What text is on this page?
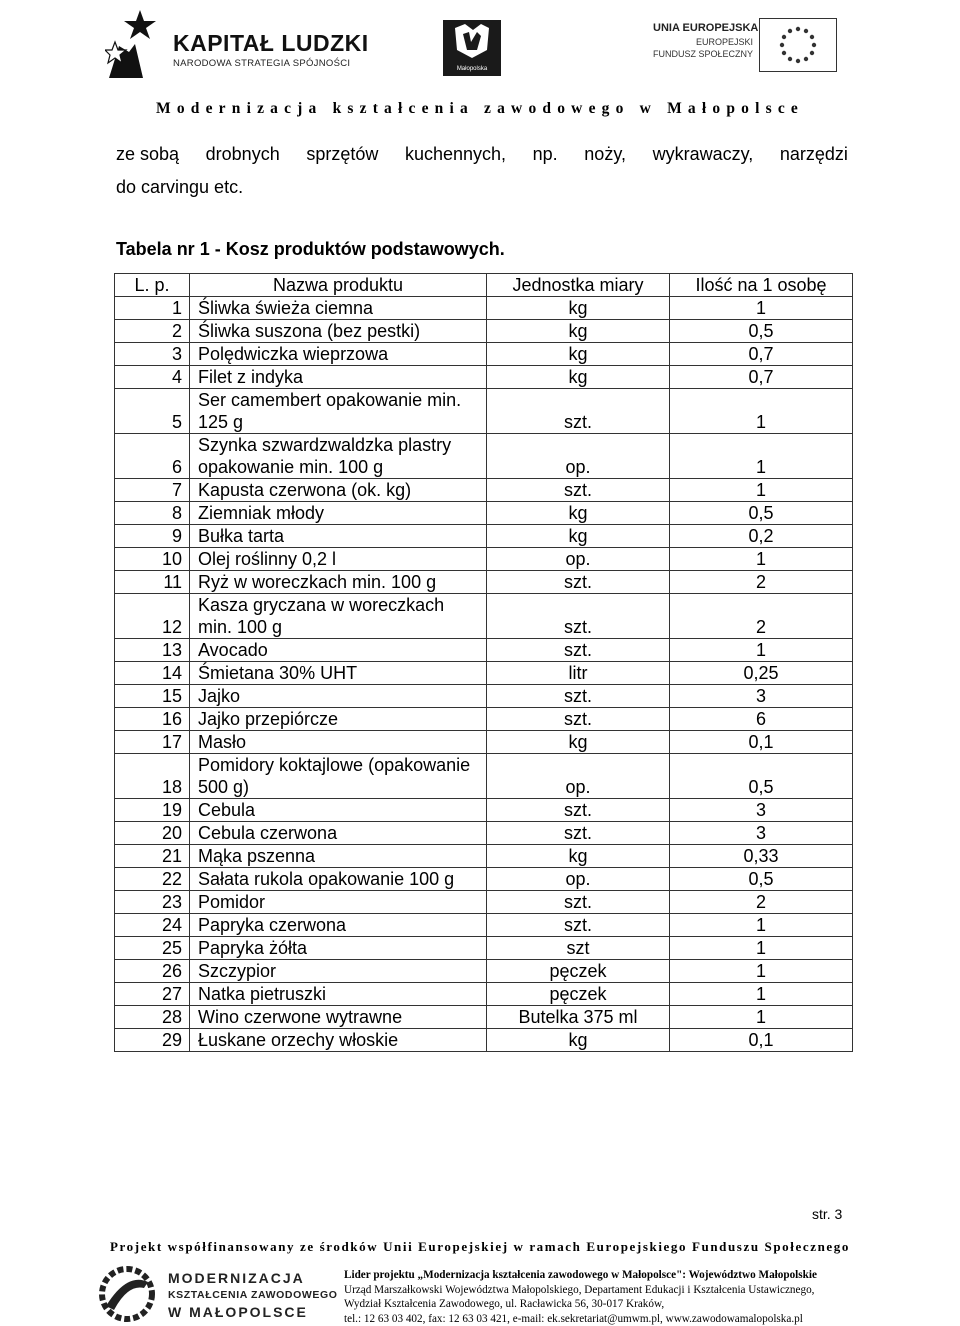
KAPITAŁ LUDZKI
NARODOWA STRATEGIA SPÓJNOŚCI	Małopolska
UNIA EUROPEJSKA
EUROPEJSKI
FUNDUSZ SPOŁECZNY
Modernizacja kształcenia zawodowego w Małopolsce
ze sobą drobnych sprzętów kuchennych, np. noży, wykrawaczy, narzędzi
do carvingu etc.
Tabela nr 1 - Kosz produktów podstawowych.
L. p.	Nazwa produktu	Jednostka miary	Ilość na 1 osobę
1	Śliwka świeża ciemna	kg	1
2	Śliwka suszona (bez pestki)	kg	0,5
3	Polędwiczka wieprzowa	kg	0,7
4	Filet z indyka	kg	0,7
5	Ser camembert opakowanie min. 125 g	szt.	1
6	Szynka szwardzwaldzka plastry opakowanie min. 100 g	op.	1
7	Kapusta czerwona (ok. kg)	szt.	1
8	Ziemniak młody	kg	0,5
9	Bułka tarta	kg	0,2
10	Olej roślinny 0,2 l	op.	1
11	Ryż w woreczkach min. 100 g	szt.	2
12	Kasza gryczana w woreczkach min. 100 g	szt.	2
13	Avocado	szt.	1
14	Śmietana 30% UHT	litr	0,25
15	Jajko	szt.	3
16	Jajko przepiórcze	szt.	6
17	Masło	kg	0,1
18	Pomidory koktajlowe (opakowanie 500 g)	op.	0,5
19	Cebula	szt.	3
20	Cebula czerwona	szt.	3
21	Mąka pszenna	kg	0,33
22	Sałata rukola opakowanie 100 g	op.	0,5
23	Pomidor	szt.	2
24	Papryka czerwona	szt.	1
25	Papryka żółta	szt	1
26	Szczypior	pęczek	1
27	Natka pietruszki	pęczek	1
28	Wino czerwone wytrawne	Butelka 375 ml	1
29	Łuskane orzechy włoskie	kg	0,1
str. 3
Projekt współfinansowany ze środków Unii Europejskiej w ramach Europejskiego Funduszu Społecznego
MODERNIZACJA
KSZTAŁCENIA ZAWODOWEGO
W MAŁOPOLSCE
Lider projektu „Modernizacja kształcenia zawodowego w Małopolsce": Województwo Małopolskie
Urząd Marszałkowski Województwa Małopolskiego, Departament Edukacji i Kształcenia Ustawicznego,
Wydział Kształcenia Zawodowego, ul. Racławicka 56, 30-017 Kraków,
tel.: 12 63 03 402, fax: 12 63 03 421, e-mail: ek.sekretariat@umwm.pl, www.zawodowamalopolska.pl
